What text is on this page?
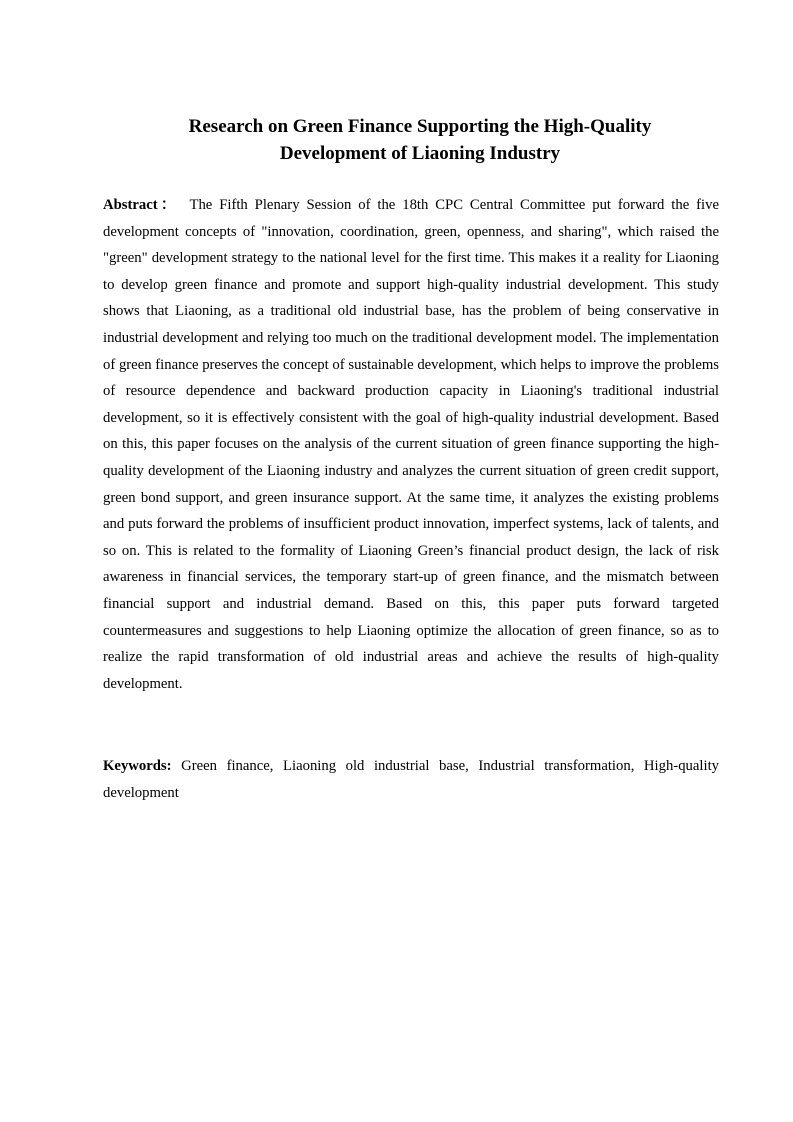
Research on Green Finance Supporting the High-Quality
Development of Liaoning Industry

Abstract： The Fifth Plenary Session of the 18th CPC Central Committee put forward the five development concepts of "innovation, coordination, green, openness, and sharing", which raised the "green" development strategy to the national level for the first time. This makes it a reality for Liaoning to develop green finance and promote and support high-quality industrial development. This study shows that Liaoning, as a traditional old industrial base, has the problem of being conservative in industrial development and relying too much on the traditional development model. The implementation of green finance preserves the concept of sustainable development, which helps to improve the problems of resource dependence and backward production capacity in Liaoning's traditional industrial development, so it is effectively consistent with the goal of high-quality industrial development. Based on this, this paper focuses on the analysis of the current situation of green finance supporting the high-quality development of the Liaoning industry and analyzes the current situation of green credit support, green bond support, and green insurance support. At the same time, it analyzes the existing problems and puts forward the problems of insufficient product innovation, imperfect systems, lack of talents, and so on. This is related to the formality of Liaoning Green’s financial product design, the lack of risk awareness in financial services, the temporary start-up of green finance, and the mismatch between financial support and industrial demand. Based on this, this paper puts forward targeted countermeasures and suggestions to help Liaoning optimize the allocation of green finance, so as to realize the rapid transformation of old industrial areas and achieve the results of high-quality development.

Keywords: Green finance, Liaoning old industrial base, Industrial transformation, High-quality development
